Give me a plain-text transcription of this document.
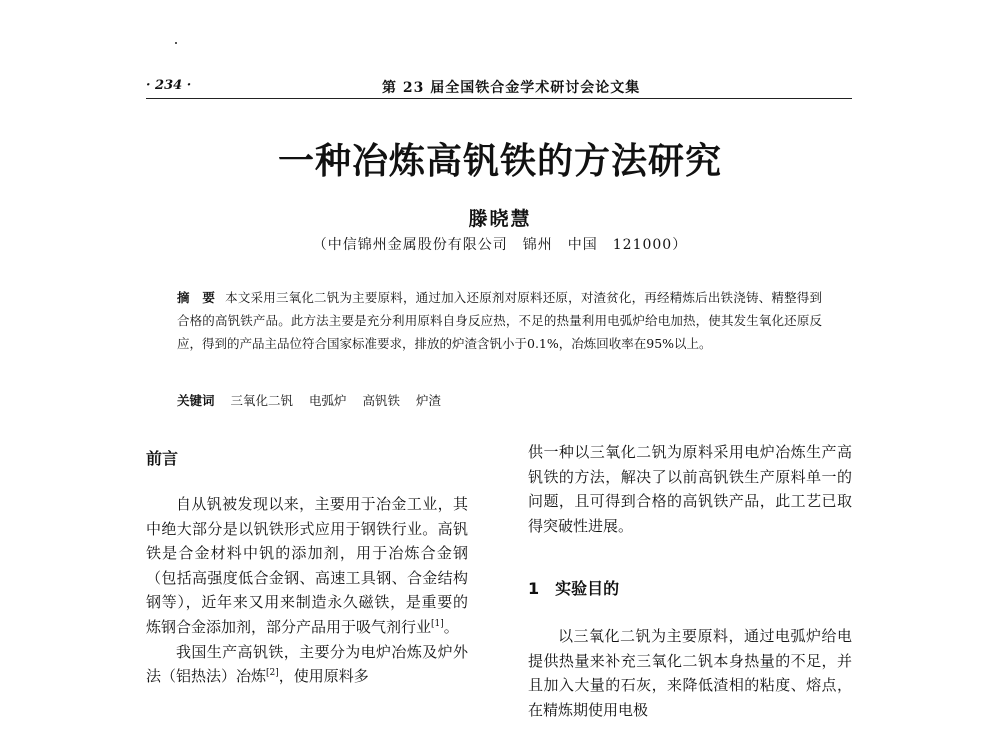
· 234 ·	第 23 届全国铁合金学术研讨会论文集
一种冶炼高钒铁的方法研究
滕晓慧
（中信锦州金属股份有限公司　锦州　中国　121000）
摘　要 本文采用三氧化二钒为主要原料，通过加入还原剂对原料还原，对渣贫化，再经精炼后出铁浇铸、精整得到合格的高钒铁产品。此方法主要是充分利用原料自身反应热，不足的热量利用电弧炉给电加热，使其发生氧化还原反应，得到的产品主品位符合国家标准要求，排放的炉渣含钒小于0.1%，冶炼回收率在95%以上。
关键词 三氧化二钒 电弧炉 高钒铁 炉渣
前言

自从钒被发现以来，主要用于冶金工业，其中绝大部分是以钒铁形式应用于钢铁行业。高钒铁是合金材料中钒的添加剂，用于冶炼合金钢（包括高强度低合金钢、高速工具钢、合金结构钢等），近年来又用来制造永久磁铁，是重要的炼钢合金添加剂，部分产品用于吸气剂行业[1]。

我国生产高钒铁，主要分为电炉冶炼及炉外法（铝热法）冶炼[2]，使用原料多

供一种以三氧化二钒为原料采用电炉冶炼生产高钒铁的方法，解决了以前高钒铁生产原料单一的问题，且可得到合格的高钒铁产品，此工艺已取得突破性进展。

1 实验目的

以三氧化二钒为主要原料，通过电弧炉给电提供热量来补充三氧化二钒本身热量的不足，并且加入大量的石灰，来降低渣相的粘度、熔点，在精炼期使用电极
